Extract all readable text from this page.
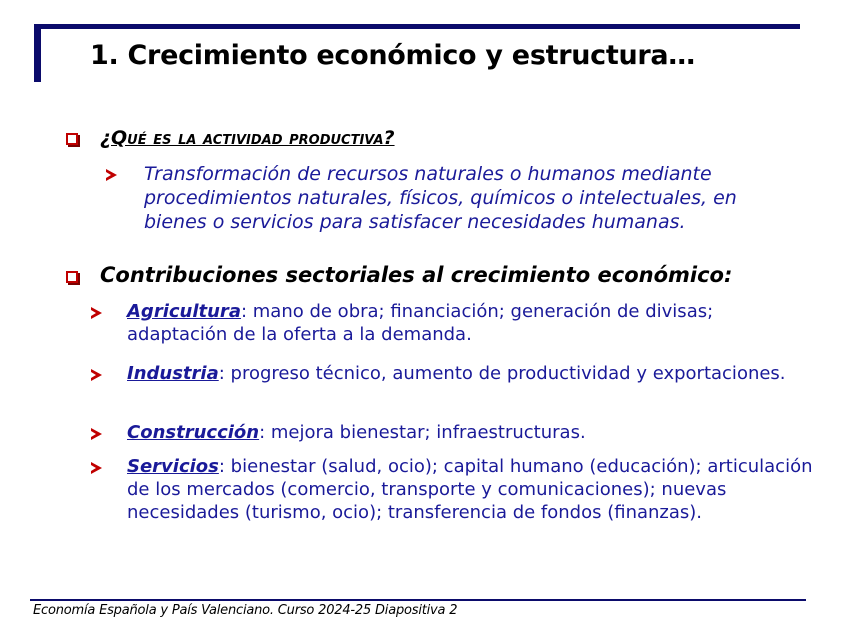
1. Crecimiento económico y estructura…
¿Qué es la actividad productiva?
Transformación de recursos naturales o humanos mediante procedimientos naturales, físicos, químicos o intelectuales, en bienes o servicios para satisfacer necesidades humanas.
Contribuciones sectoriales al crecimiento económico:
Agricultura: mano de obra; financiación; generación de divisas; adaptación de la oferta a la demanda.
Industria: progreso técnico, aumento de productividad y exportaciones.
Construcción: mejora bienestar; infraestructuras.
Servicios: bienestar (salud, ocio); capital humano (educación); articulación de los mercados (comercio, transporte y comunicaciones); nuevas necesidades (turismo, ocio); transferencia de fondos (finanzas).
Economía Española y País Valenciano. Curso 2024-25 Diapositiva 2
